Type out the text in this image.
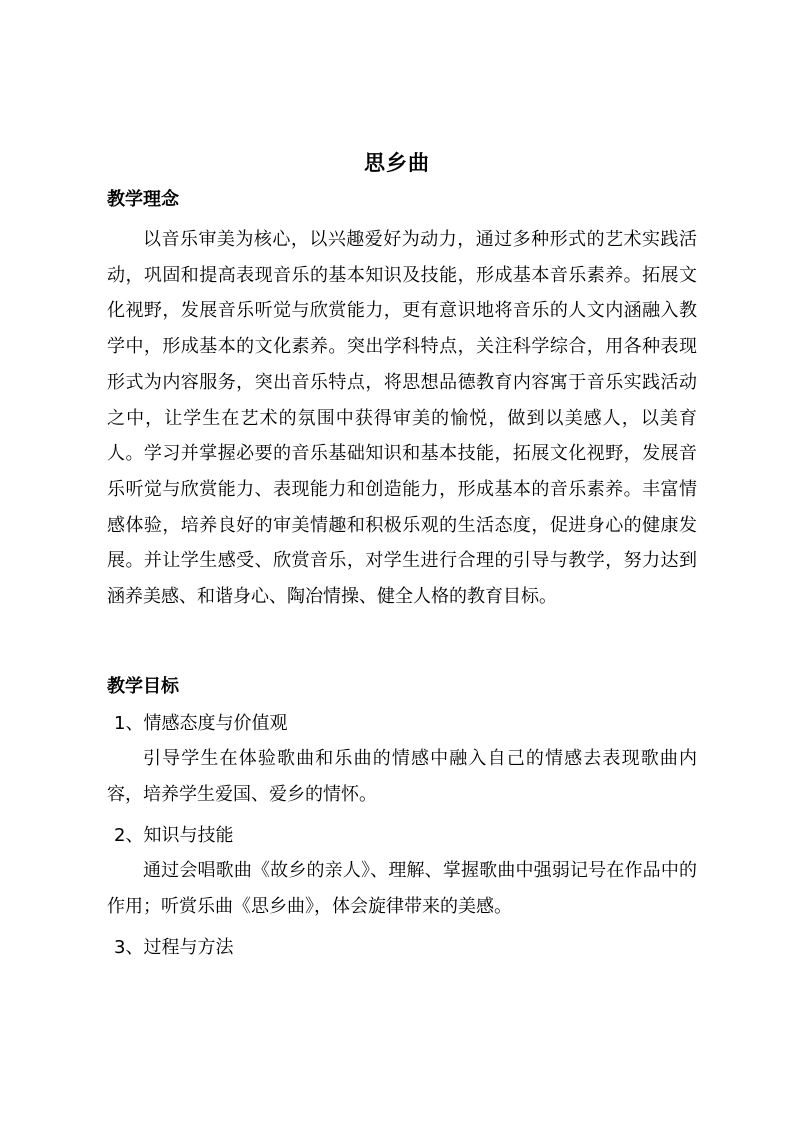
思乡曲
教学理念

以音乐审美为核心，以兴趣爱好为动力，通过多种形式的艺术实践活动，巩固和提高表现音乐的基本知识及技能，形成基本音乐素养。拓展文化视野，发展音乐听觉与欣赏能力，更有意识地将音乐的人文内涵融入教学中，形成基本的文化素养。突出学科特点，关注科学综合，用各种表现形式为内容服务，突出音乐特点，将思想品德教育内容寓于音乐实践活动之中，让学生在艺术的氛围中获得审美的愉悦，做到以美感人，以美育人。学习并掌握必要的音乐基础知识和基本技能，拓展文化视野，发展音乐听觉与欣赏能力、表现能力和创造能力，形成基本的音乐素养。丰富情感体验，培养良好的审美情趣和积极乐观的生活态度，促进身心的健康发展。并让学生感受、欣赏音乐，对学生进行合理的引导与教学，努力达到涵养美感、和谐身心、陶冶情操、健全人格的教育目标。

教学目标
1、情感态度与价值观

引导学生在体验歌曲和乐曲的情感中融入自己的情感去表现歌曲内容，培养学生爱国、爱乡的情怀。

2、知识与技能

通过会唱歌曲《故乡的亲人》、理解、掌握歌曲中强弱记号在作品中的作用；听赏乐曲《思乡曲》，体会旋律带来的美感。

3、过程与方法
